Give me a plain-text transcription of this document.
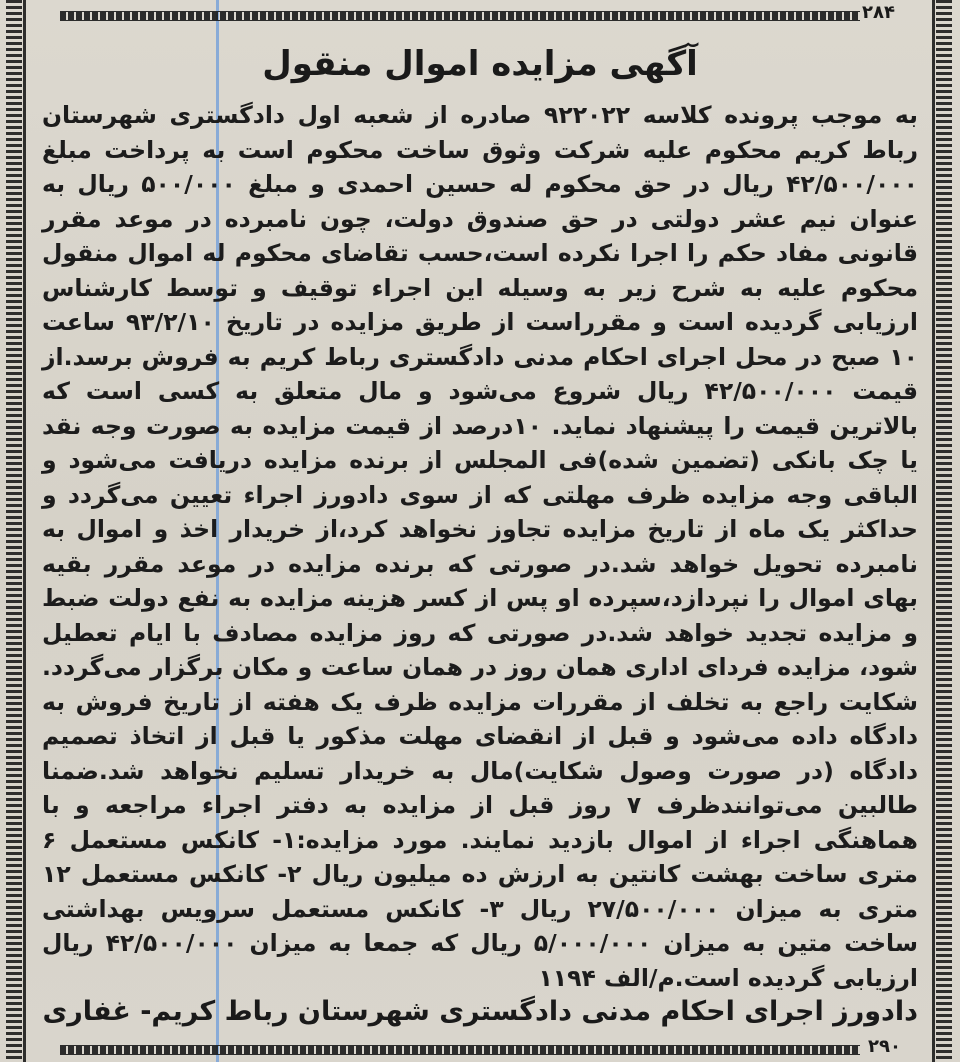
۲۸۴
آگهی مزایده اموال منقول
به موجب پرونده کلاسه ۹۲۲۰۲۲ صادره از شعبه اول دادگستری شهرستان رباط کریم محکوم علیه شرکت وثوق ساخت محکوم است به پرداخت مبلغ ۴۲/۵۰۰/۰۰۰ ریال در حق محکوم له حسین احمدی و مبلغ ۵۰۰/۰۰۰ ریال به عنوان نیم عشر دولتی در حق صندوق دولت، چون نامبرده در موعد مقرر قانونی مفاد حکم را اجرا نکرده است،حسب تقاضای محکوم له اموال منقول محکوم علیه به شرح زیر به وسیله این اجراء توقیف و توسط کارشناس ارزیابی گردیده است و مقرراست از طریق مزایده در تاریخ ۹۳/۲/۱۰ ساعت ۱۰ صبح در محل اجرای احکام مدنی دادگستری رباط کریم به فروش برسد.از قیمت ۴۲/۵۰۰/۰۰۰ ریال شروع می‌شود و مال متعلق به کسی است که بالاترین قیمت را پیشنهاد نماید. ۱۰درصد از قیمت مزایده به صورت وجه نقد یا چک بانکی (تضمین شده)فی المجلس از برنده مزایده دریافت می‌شود و الباقی وجه مزایده ظرف مهلتی که از سوی دادورز اجراء تعیین می‌گردد و حداکثر یک ماه از تاریخ مزایده تجاوز نخواهد کرد،از خریدار اخذ و اموال به نامبرده تحویل خواهد شد.در صورتی که برنده مزایده در موعد مقرر بقیه بهای اموال را نپردازد،سپرده او پس از کسر هزینه مزایده به نفع دولت ضبط و مزایده تجدید خواهد شد.در صورتی که روز مزایده مصادف با ایام تعطیل شود، مزایده فردای اداری همان روز در همان ساعت و مکان برگزار می‌گردد. شکایت راجع به تخلف از مقررات مزایده ظرف یک هفته از تاریخ فروش به دادگاه داده می‌شود و قبل از انقضای مهلت مذکور یا قبل از اتخاذ تصمیم دادگاه (در صورت وصول شکایت)مال به خریدار تسلیم نخواهد شد.ضمنا طالبین می‌توانندظرف ۷ روز قبل از مزایده به دفتر اجراء مراجعه و با هماهنگی اجراء از اموال بازدید نمایند. مورد مزایده:۱- کانکس مستعمل ۶ متری ساخت بهشت کانتین به ارزش ده میلیون ریال ۲- کانکس مستعمل ۱۲ متری به میزان ۲۷/۵۰۰/۰۰۰ ریال ۳- کانکس مستعمل سرویس بهداشتی ساخت متین به میزان ۵/۰۰۰/۰۰۰ ریال که جمعا به میزان ۴۲/۵۰۰/۰۰۰ ریال ارزیابی گردیده است.م/الف ۱۱۹۴
دادورز اجرای احکام مدنی دادگستری شهرستان رباط کریم- غفاری
۲۹۰
